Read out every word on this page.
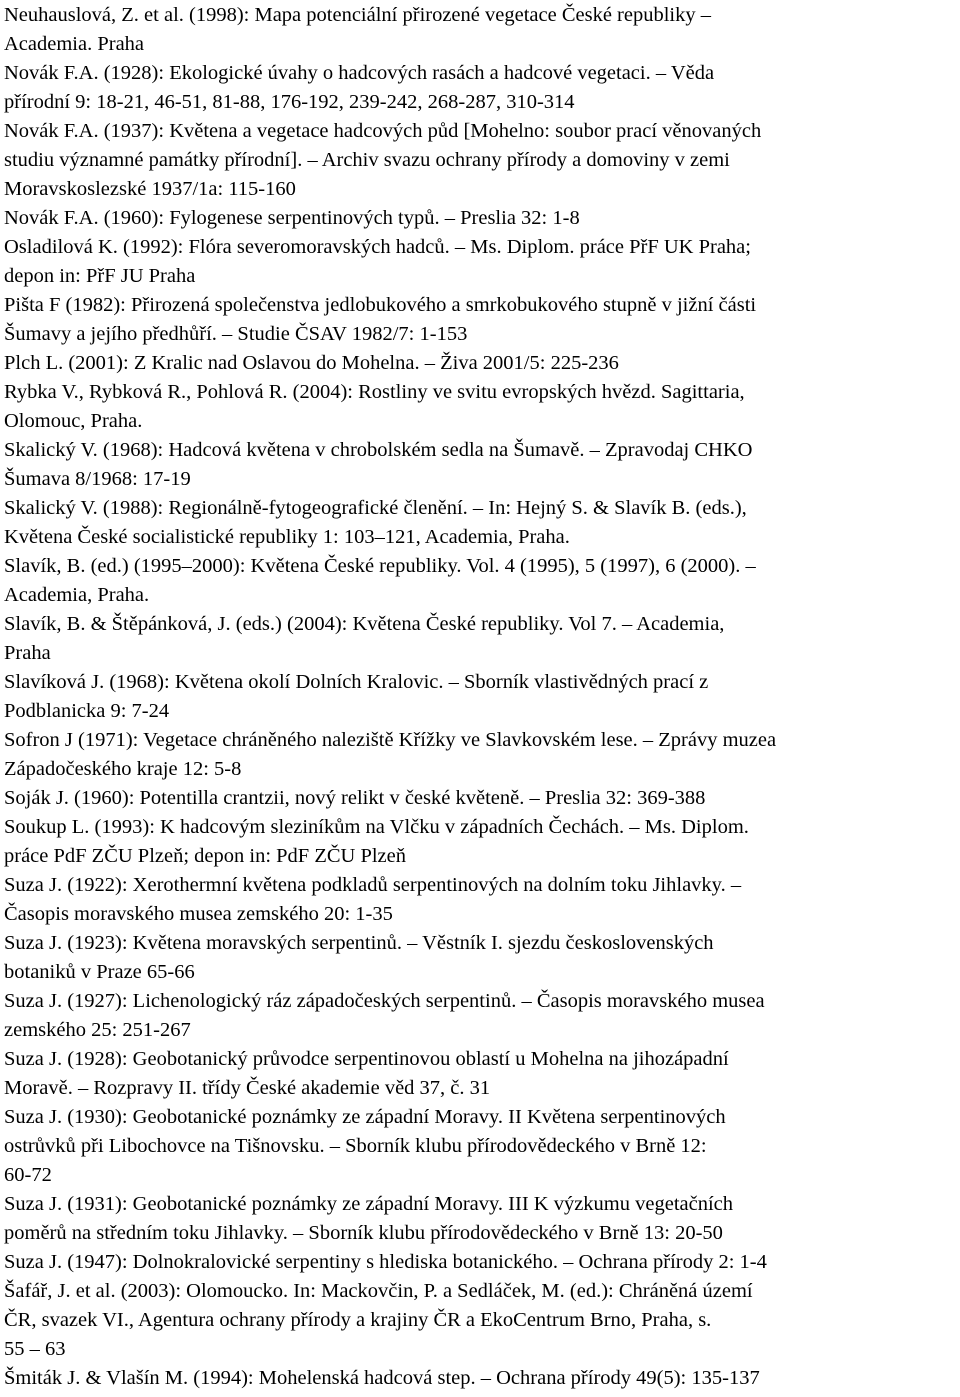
Neuhauslová, Z. et al. (1998): Mapa potenciální přirozené vegetace České republiky –
Academia. Praha

Novák F.A. (1928): Ekologické úvahy o hadcových rasách a hadcové vegetaci. – Věda
přírodní 9: 18-21, 46-51, 81-88, 176-192, 239-242, 268-287, 310-314

Novák F.A. (1937): Květena a vegetace hadcových půd [Mohelno: soubor prací věnovaných
studiu významné památky přírodní]. – Archiv svazu ochrany přírody a domoviny v zemi
Moravskoslezské 1937/1a: 115-160

Novák F.A. (1960): Fylogenese serpentinových typů. – Preslia 32: 1-8

Osladilová K. (1992): Flóra severomoravských hadců. – Ms. Diplom. práce PřF UK Praha;
depon in: PřF JU Praha

Pišta F (1982): Přirozená společenstva jedlobukového a smrkobukového stupně v jižní části
Šumavy a jejího předhůří. – Studie ČSAV 1982/7: 1-153

Plch L. (2001): Z Kralic nad Oslavou do Mohelna. – Živa 2001/5: 225-236

Rybka V., Rybková R., Pohlová R. (2004): Rostliny ve svitu evropských hvězd. Sagittaria,
Olomouc, Praha.

Skalický V. (1968): Hadcová květena v chrobolském sedla na Šumavě. – Zpravodaj CHKO
Šumava 8/1968: 17-19

Skalický V. (1988): Regionálně-fytogeografické členění. – In: Hejný S. & Slavík B. (eds.),
Květena České socialistické republiky 1: 103–121, Academia, Praha.

Slavík, B. (ed.) (1995–2000): Květena České republiky. Vol. 4 (1995), 5 (1997), 6 (2000). –
Academia, Praha.

Slavík, B. & Štěpánková, J. (eds.) (2004): Květena České republiky. Vol 7. – Academia,
Praha

Slavíková J. (1968): Květena okolí Dolních Kralovic. – Sborník vlastivědných prací z
Podblanicka 9: 7-24

Sofron J (1971): Vegetace chráněného naleziště Křížky ve Slavkovském lese. – Zprávy muzea
Západočeského kraje 12: 5-8

Soják J. (1960): Potentilla crantzii, nový relikt v české květeně. – Preslia 32: 369-388

Soukup L. (1993): K hadcovým sleziníkům na Vlčku v západních Čechách. – Ms. Diplom.
práce PdF ZČU Plzeň; depon in: PdF ZČU Plzeň

Suza J. (1922): Xerothermní květena podkladů serpentinových na dolním toku Jihlavky. –
Časopis moravského musea zemského 20: 1-35

Suza J. (1923): Květena moravských serpentinů. – Věstník I. sjezdu československých
botaniků v Praze 65-66

Suza J. (1927): Lichenologický ráz západočeských serpentinů. – Časopis moravského musea
zemského 25: 251-267

Suza J. (1928): Geobotanický průvodce serpentinovou oblastí u Mohelna na jihozápadní
Moravě. – Rozpravy II. třídy České akademie věd 37, č. 31

Suza J. (1930): Geobotanické poznámky ze západní Moravy. II Květena serpentinových
ostrůvků při Libochovce na Tišnovsku. – Sborník klubu přírodovědeckého v Brně 12:
60-72

Suza J. (1931): Geobotanické poznámky ze západní Moravy. III K výzkumu vegetačních
poměrů na středním toku Jihlavky. – Sborník klubu přírodovědeckého v Brně 13: 20-50

Suza J. (1947): Dolnokralovické serpentiny s hlediska botanického. – Ochrana přírody 2: 1-4

Šafář, J. et al. (2003): Olomoucko. In: Mackovčin, P. a Sedláček, M. (ed.): Chráněná území
ČR, svazek VI., Agentura ochrany přírody a krajiny ČR a EkoCentrum Brno, Praha, s.
55 – 63

Šmiták J. & Vlašín M. (1994): Mohelenská hadcová step. – Ochrana přírody 49(5): 135-137
